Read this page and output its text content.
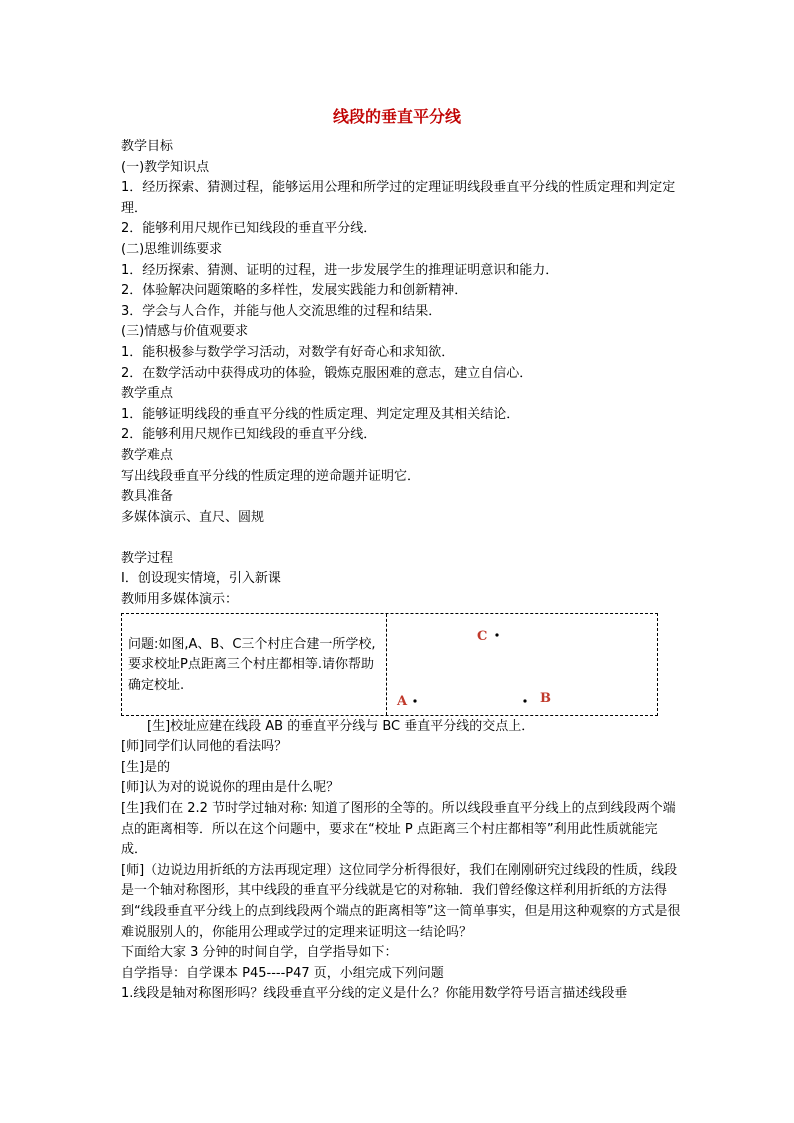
线段的垂直平分线
教学目标
(一)教学知识点
1．经历探索、猜测过程，能够运用公理和所学过的定理证明线段垂直平分线的性质定理和判定定理．
2．能够利用尺规作已知线段的垂直平分线．
(二)思维训练要求
1．经历探索、猜测、证明的过程，进一步发展学生的推理证明意识和能力．
2．体验解决问题策略的多样性，发展实践能力和创新精神．
3．学会与人合作，并能与他人交流思维的过程和结果．
(三)情感与价值观要求
1．能积极参与数学学习活动，对数学有好奇心和求知欲．
2．在数学活动中获得成功的体验，锻炼克服困难的意志，建立自信心．
教学重点
1．能够证明线段的垂直平分线的性质定理、判定定理及其相关结论．
2．能够利用尺规作已知线段的垂直平分线．
教学难点
写出线段垂直平分线的性质定理的逆命题并证明它．
教具准备
多媒体演示、直尺、圆规
教学过程
Ⅰ．创设现实情境，引入新课
教师用多媒体演示：
问题:如图,A、B、C三个村庄合建一所学校,要求校址P点距离三个村庄都相等.请你帮助确定校址.
C
A	B
[生]校址应建在线段 AB 的垂直平分线与 BC 垂直平分线的交点上．
[师]同学们认同他的看法吗？
[生]是的
[师]认为对的说说你的理由是什么呢？
[生]我们在 2.2 节时学过轴对称: 知道了图形的全等的。所以线段垂直平分线上的点到线段两个端点的距离相等．所以在这个问题中，要求在“校址 P 点距离三个村庄都相等”利用此性质就能完成．
[师]（边说边用折纸的方法再现定理）这位同学分析得很好，我们在刚刚研究过线段的性质，线段是一个轴对称图形，其中线段的垂直平分线就是它的对称轴．我们曾经像这样利用折纸的方法得到“线段垂直平分线上的点到线段两个端点的距离相等”这一简单事实，但是用这种观察的方式是很难说服别人的，你能用公理或学过的定理来证明这一结论吗？
下面给大家 3 分钟的时间自学，自学指导如下：
自学指导：自学课本 P45----P47 页，小组完成下列问题
1.线段是轴对称图形吗？线段垂直平分线的定义是什么？你能用数学符号语言描述线段垂
